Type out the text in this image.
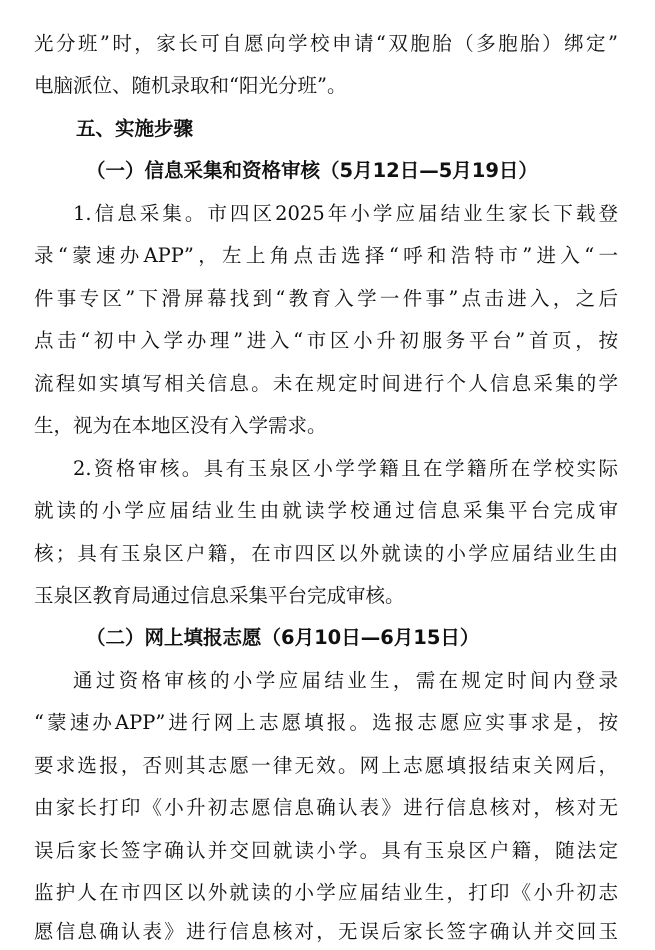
光分班”时，家长可自愿向学校申请“双胞胎（多胞胎）绑定”
电脑派位、随机录取和“阳光分班”。
五、实施步骤
（一）信息采集和资格审核（5月12日—5月19日）
1.信息采集。市四区2025年小学应届结业生家长下载登
录“蒙速办APP”，左上角点击选择“呼和浩特市”进入“一
件事专区”下滑屏幕找到“教育入学一件事”点击进入，之后
点击“初中入学办理”进入“市区小升初服务平台”首页，按
流程如实填写相关信息。未在规定时间进行个人信息采集的学
生，视为在本地区没有入学需求。
2.资格审核。具有玉泉区小学学籍且在学籍所在学校实际
就读的小学应届结业生由就读学校通过信息采集平台完成审
核；具有玉泉区户籍，在市四区以外就读的小学应届结业生由
玉泉区教育局通过信息采集平台完成审核。
（二）网上填报志愿（6月10日—6月15日）
通过资格审核的小学应届结业生，需在规定时间内登录
“蒙速办APP”进行网上志愿填报。选报志愿应实事求是，按
要求选报，否则其志愿一律无效。网上志愿填报结束关网后，
由家长打印《小升初志愿信息确认表》进行信息核对，核对无
误后家长签字确认并交回就读小学。具有玉泉区户籍，随法定
监护人在市四区以外就读的小学应届结业生，打印《小升初志
愿信息确认表》进行信息核对，无误后家长签字确认并交回玉
